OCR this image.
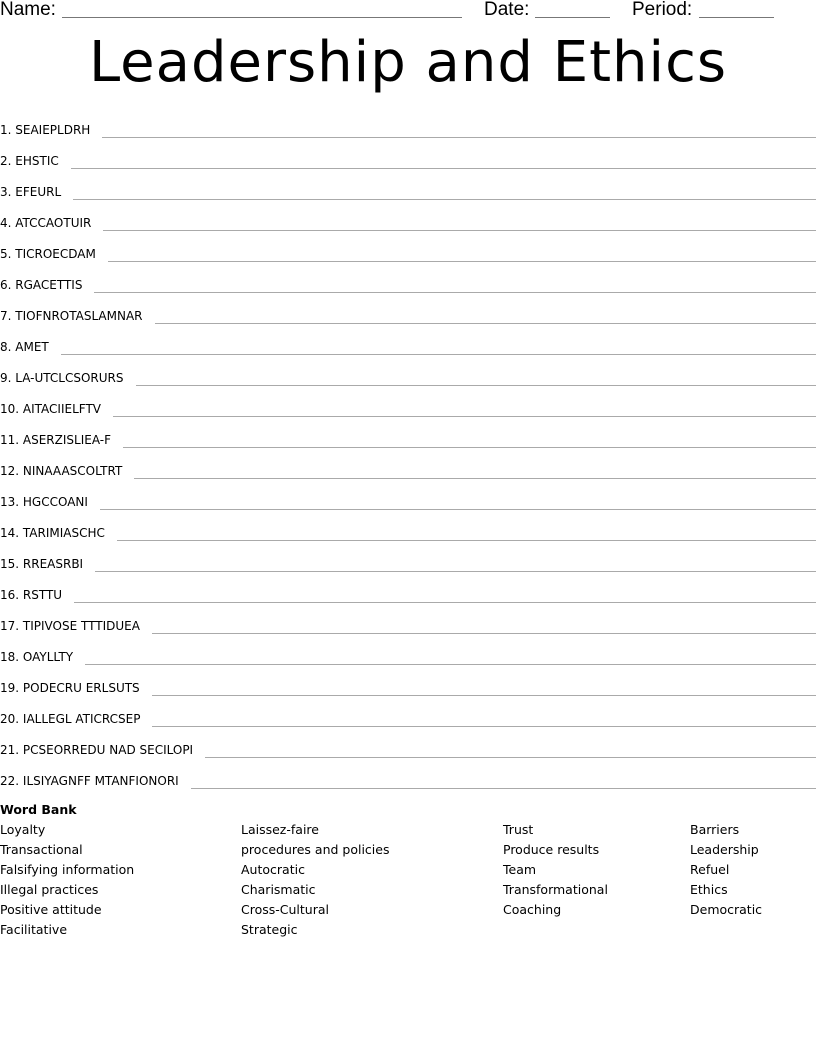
Name:	Date:	Period:
Leadership and Ethics
1. SEAIEPLDRH
2. EHSTIC
3. EFEURL
4. ATCCAOTUIR
5. TICROECDAM
6. RGACETTIS
7. TIOFNROTASLAMNAR
8. AMET
9. LA-UTCLCSORURS
10. AITACIIELFTV
11. ASERZISLIEA-F
12. NINAAASCOLTRT
13. HGCCOANI
14. TARIMIASCHC
15. RREASRBI
16. RSTTU
17. TIPIVOSE TTTIDUEA
18. OAYLLTY
19. PODECRU ERLSUTS
20. IALLEGL ATICRCSEP
21. PCSEORREDU NAD SECILOPI
22. ILSIYAGNFF MTANFIONORI
Word Bank
Loyalty
Transactional
Falsifying information
Illegal practices
Positive attitude
Facilitative
Laissez-faire
procedures and policies
Autocratic
Charismatic
Cross-Cultural
Strategic
Trust
Produce results
Team
Transformational
Coaching
Barriers
Leadership
Refuel
Ethics
Democratic
